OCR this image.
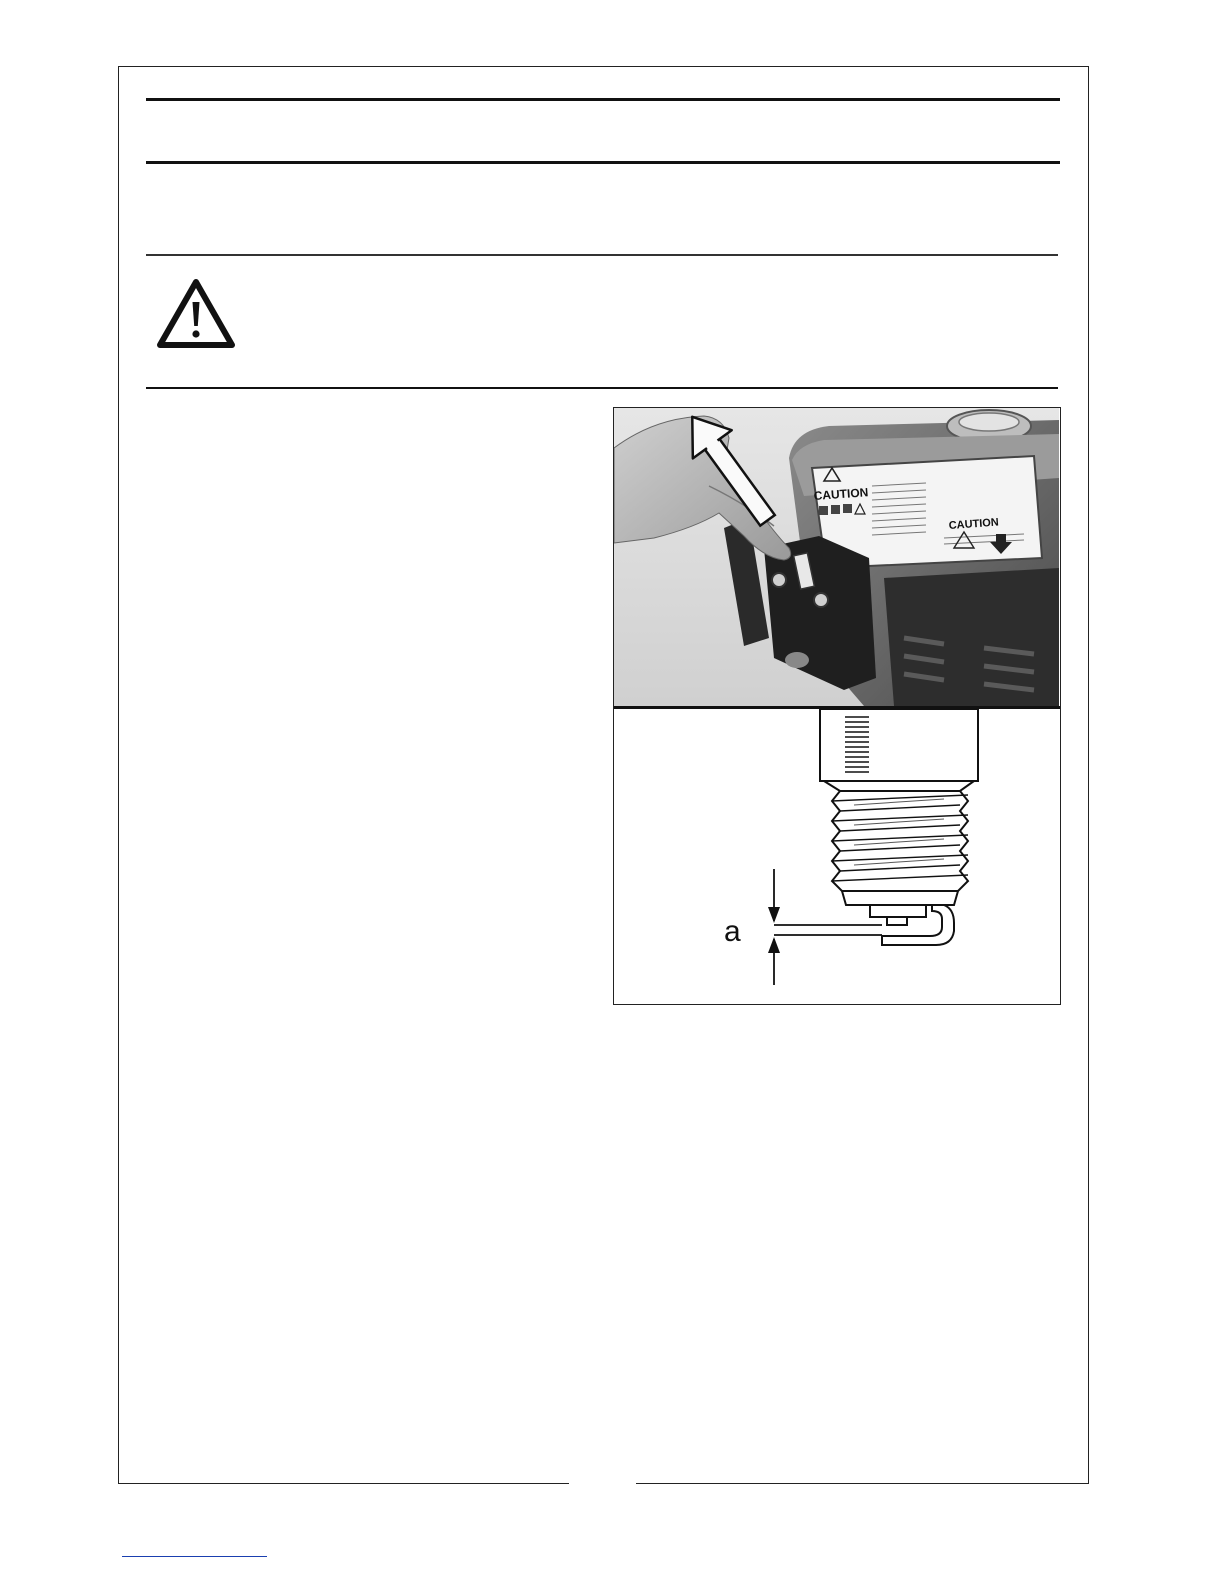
CAUTION
CAUTION
a
